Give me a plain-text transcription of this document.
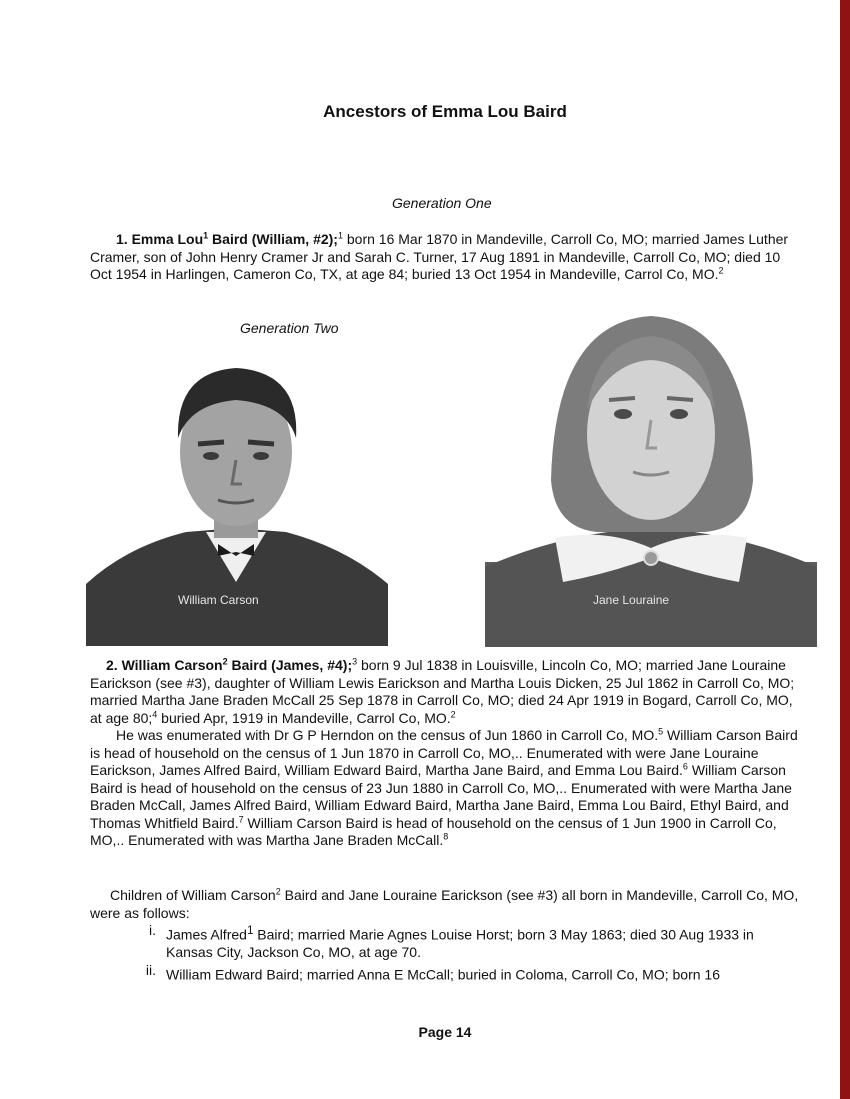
Ancestors of Emma Lou Baird
Generation One

1. Emma Lou$^1$ Baird (William, #2);$^1$ born 16 Mar 1870 in Mandeville, Carroll Co, MO; married James Luther Cramer, son of John Henry Cramer Jr and Sarah C. Turner, 17 Aug 1891 in Mandeville, Carroll Co, MO; died 10 Oct 1954 in Harlingen, Cameron Co, TX, at age 84; buried 13 Oct 1954 in Mandeville, Carrol Co, MO.$^2$

Generation Two
William Carson	Jane Louraine

2. William Carson$^2$ Baird (James, #4);$^3$ born 9 Jul 1838 in Louisville, Lincoln Co, MO; married Jane Louraine Earickson (see #3), daughter of William Lewis Earickson and Martha Louis Dicken, 25 Jul 1862 in Carroll Co, MO; married Martha Jane Braden McCall 25 Sep 1878 in Carroll Co, MO; died 24 Apr 1919 in Bogard, Carroll Co, MO, at age 80;$^4$ buried Apr, 1919 in Mandeville, Carrol Co, MO.$^2$

He was enumerated with Dr G P Herndon on the census of Jun 1860 in Carroll Co, MO.$^5$ William Carson Baird is head of household on the census of 1 Jun 1870 in Carroll Co, MO,.. Enumerated with were Jane Louraine Earickson, James Alfred Baird, William Edward Baird, Martha Jane Baird, and Emma Lou Baird.$^6$ William Carson Baird is head of household on the census of 23 Jun 1880 in Carroll Co, MO,.. Enumerated with were Martha Jane Braden McCall, James Alfred Baird, William Edward Baird, Martha Jane Baird, Emma Lou Baird, Ethyl Baird, and Thomas Whitfield Baird.$^7$ William Carson Baird is head of household on the census of 1 Jun 1900 in Carroll Co, MO,.. Enumerated with was Martha Jane Braden McCall.$^8$

Children of William Carson$^2$ Baird and Jane Louraine Earickson (see #3) all born in Mandeville, Carroll Co, MO, were as follows:

i. James Alfred$^1$ Baird; married Marie Agnes Louise Horst; born 3 May 1863; died 30 Aug 1933 in Kansas City, Jackson Co, MO, at age 70.
ii. William Edward Baird; married Anna E McCall; buried in Coloma, Carroll Co, MO; born 16
Page 14
